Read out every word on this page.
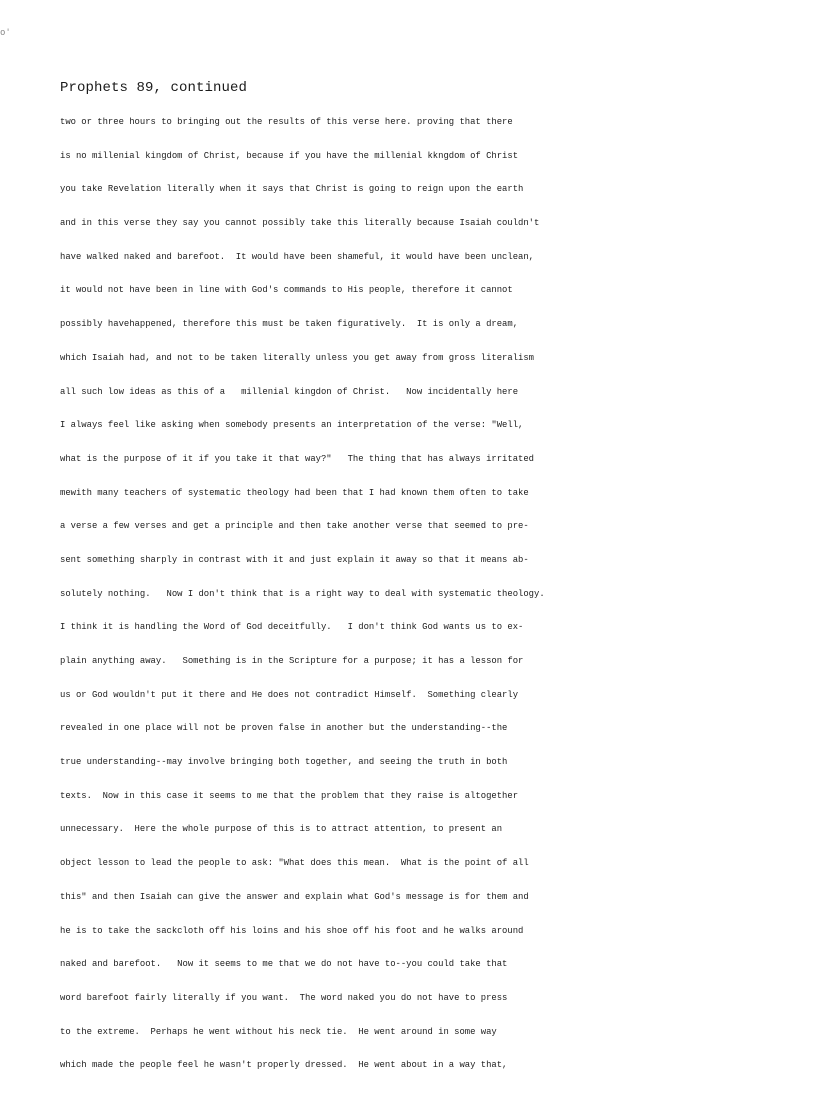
o'
Prophets 89, continued
two or three hours to bringing out the results of this verse here. proving that there
is no millenial kingdom of Christ, because if you have the millenial kkngdom of Christ
you take Revelation literally when it says that Christ is going to reign upon the earth
and in this verse they say you cannot possibly take this literally because Isaiah couldn't
have walked naked and barefoot.  It would have been shameful, it would have been unclean,
it would not have been in line with God's commands to His people, therefore it cannot
possibly havehappened, therefore this must be taken figuratively.  It is only a dream,
which Isaiah had, and not to be taken literally unless you get away from gross literalism
all such low ideas as this of a   millenial kingdon of Christ.   Now incidentally here
I always feel like asking when somebody presents an interpretation of the verse: "Well,
what is the purpose of it if you take it that way?"   The thing that has always irritated
mewith many teachers of systematic theology had been that I had known them often to take
a verse a few verses and get a principle and then take another verse that seemed to pre-
sent something sharply in contrast with it and just explain it away so that it means ab-
solutely nothing.   Now I don't think that is a right way to deal with systematic theology.
I think it is handling the Word of God deceitfully.   I don't think God wants us to ex-
plain anything away.   Something is in the Scripture for a purpose; it has a lesson for
us or God wouldn't put it there and He does not contradict Himself.  Something clearly
revealed in one place will not be proven false in another but the understanding--the
true understanding--may involve bringing both together, and seeing the truth in both
texts.  Now in this case it seems to me that the problem that they raise is altogether
unnecessary.  Here the whole purpose of this is to attract attention, to present an
object lesson to lead the people to ask: "What does this mean.  What is the point of all
this" and then Isaiah can give the answer and explain what God's message is for them and
he is to take the sackcloth off his loins and his shoe off his foot and he walks around
naked and barefoot.   Now it seems to me that we do not have to--you could take that
word barefoot fairly literally if you want.  The word naked you do not have to press
to the extreme.  Perhaps he went without his neck tie.  He went around in some way
which made the people feel he wasn't properly dressed.  He went about in a way that,
